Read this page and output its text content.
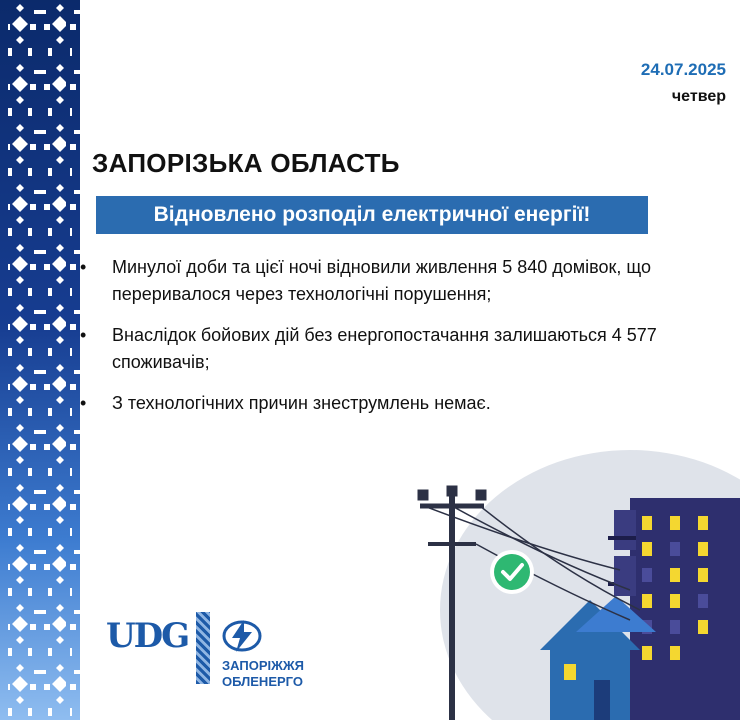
24.07.2025
четвер
ЗАПОРІЗЬКА ОБЛАСТЬ
Відновлено розподіл електричної енергії!
• Минулої доби та цієї ночі відновили живлення 5 840 домівок, що переривалося через технологічні порушення;
• Внаслідок бойових дій без енергопостачання залишаються 4 577 споживачів;
• З технологічних причин знеструмлень немає.
UDG
ЗАПОРІЖЖЯ
ОБЛЕНЕРГО
